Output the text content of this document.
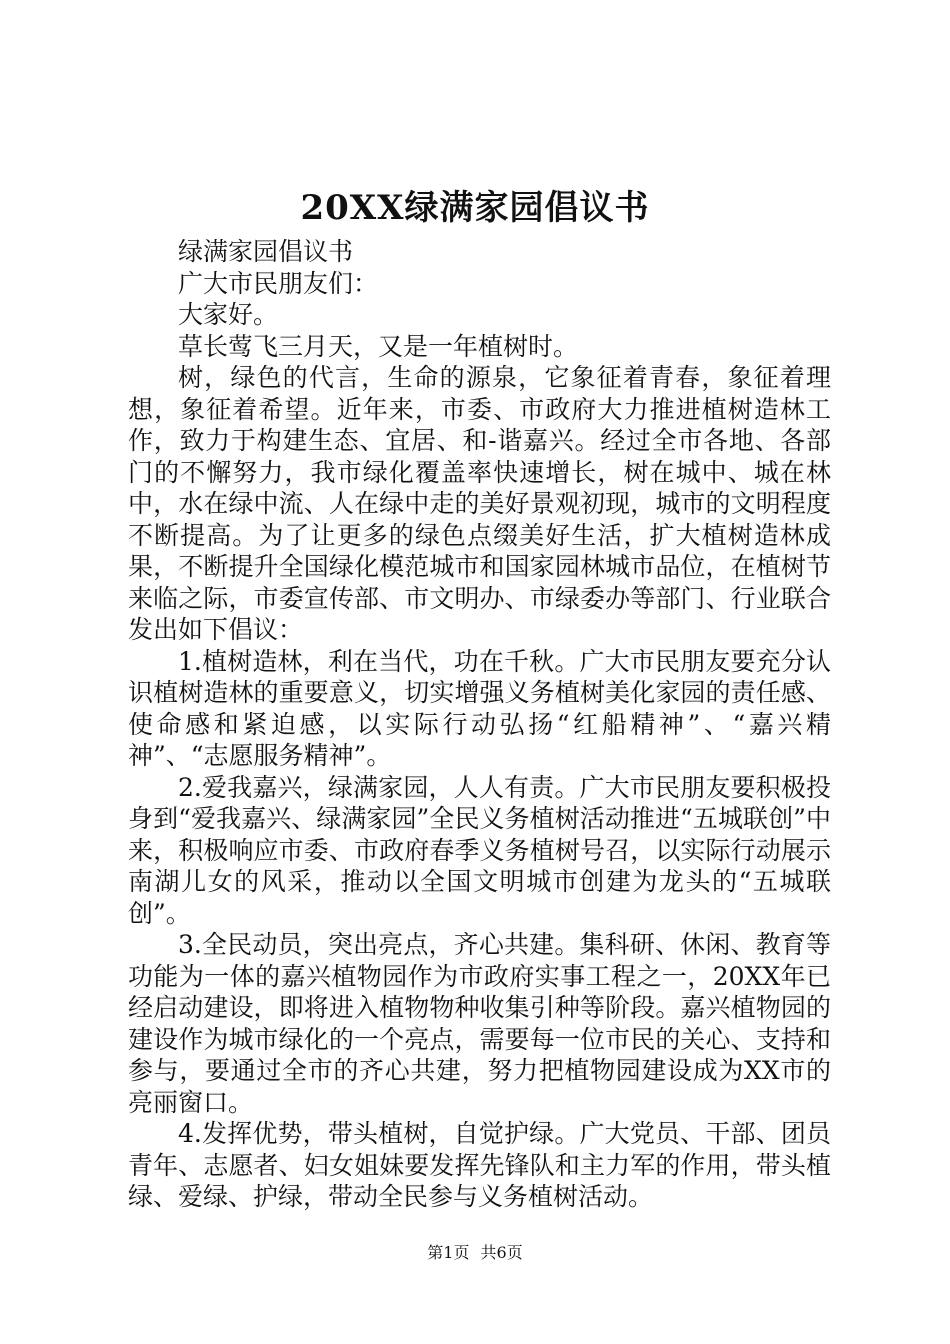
20XX绿满家园倡议书

绿满家园倡议书

广大市民朋友们：

大家好。

草长莺飞三月天，又是一年植树时。

树，绿色的代言，生命的源泉，它象征着青春，象征着理想，象征着希望。近年来，市委、市政府大力推进植树造林工作，致力于构建生态、宜居、和-谐嘉兴。经过全市各地、各部门的不懈努力，我市绿化覆盖率快速增长，树在城中、城在林中，水在绿中流、人在绿中走的美好景观初现，城市的文明程度不断提高。为了让更多的绿色点缀美好生活，扩大植树造林成果，不断提升全国绿化模范城市和国家园林城市品位，在植树节来临之际，市委宣传部、市文明办、市绿委办等部门、行业联合发出如下倡议：

1.植树造林，利在当代，功在千秋。广大市民朋友要充分认识植树造林的重要意义，切实增强义务植树美化家园的责任感、使命感和紧迫感，以实际行动弘扬“红船精神”、“嘉兴精神”、“志愿服务精神”。

2.爱我嘉兴，绿满家园，人人有责。广大市民朋友要积极投身到“爱我嘉兴、绿满家园”全民义务植树活动推进“五城联创”中来，积极响应市委、市政府春季义务植树号召，以实际行动展示南湖儿女的风采，推动以全国文明城市创建为龙头的“五城联创”。

3.全民动员，突出亮点，齐心共建。集科研、休闲、教育等功能为一体的嘉兴植物园作为市政府实事工程之一，20XX年已经启动建设，即将进入植物物种收集引种等阶段。嘉兴植物园的建设作为城市绿化的一个亮点，需要每一位市民的关心、支持和参与，要通过全市的齐心共建，努力把植物园建设成为XX市的亮丽窗口。

4.发挥优势，带头植树，自觉护绿。广大党员、干部、团员青年、志愿者、妇女姐妹要发挥先锋队和主力军的作用，带头植绿、爱绿、护绿，带动全民参与义务植树活动。

第1页 共6页
